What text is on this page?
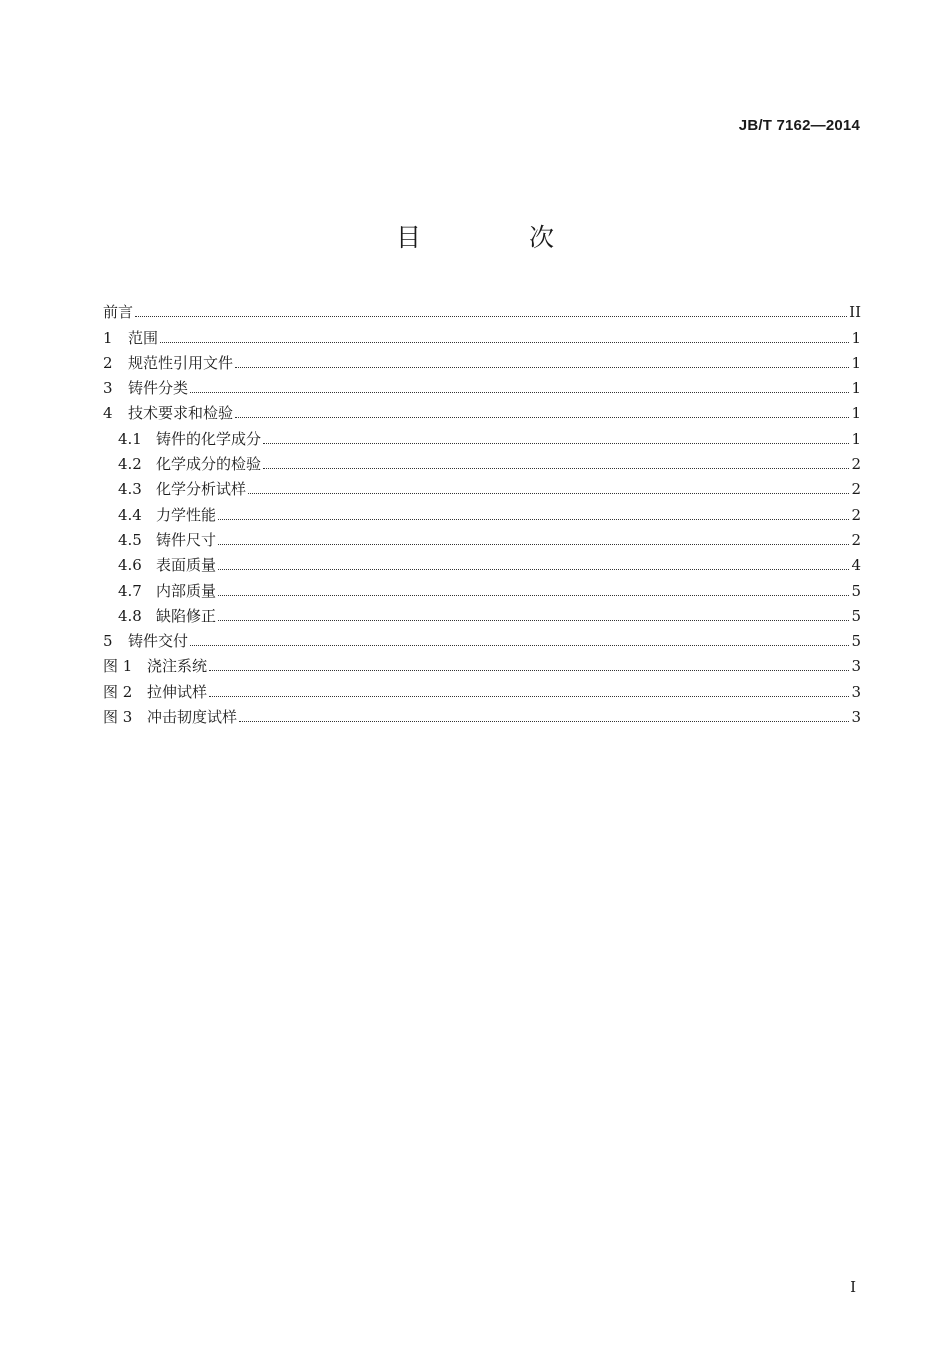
JB/T 7162—2014
目 次
前言	II
1	范围	1
2	规范性引用文件	1
3	铸件分类	1
4	技术要求和检验	1
4.1 铸件的化学成分	1
4.2 化学成分的检验	2
4.3 化学分析试样	2
4.4 力学性能	2
4.5 铸件尺寸	2
4.6 表面质量	4
4.7 内部质量	5
4.8 缺陷修正	5
5	铸件交付	5
图 1 浇注系统	3
图 2 拉伸试样	3
图 3 冲击韧度试样	3
I
